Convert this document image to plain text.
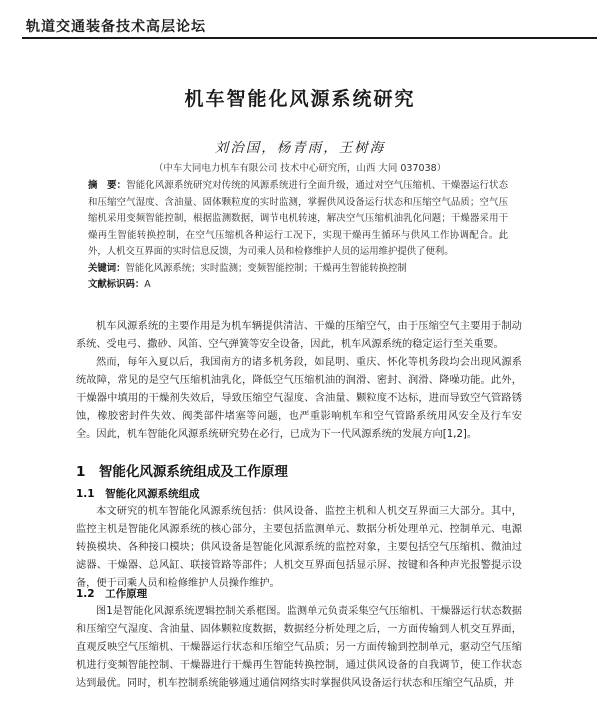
轨道交通装备技术高层论坛
机车智能化风源系统研究
刘治国，杨青雨，王树海
（中车大同电力机车有限公司 技术中心研究所，山西 大同 037038）

摘　要：智能化风源系统研究对传统的风源系统进行全面升级，通过对空气压缩机、干燥器运行状态和压缩空气湿度、含油量、固体颗粒度的实时监测，掌握供风设备运行状态和压缩空气品质；空气压缩机采用变频智能控制，根据监测数据，调节电机转速，解决空气压缩机油乳化问题；干燥器采用干燥再生智能转换控制，在空气压缩机各种运行工况下，实现干燥再生循环与供风工作协调配合。此外，人机交互界面的实时信息反馈，为司乘人员和检修维护人员的运用维护提供了便利。

关键词：智能化风源系统；实时监测；变频智能控制；干燥再生智能转换控制

文献标识码：A

机车风源系统的主要作用是为机车辆提供清洁、干燥的压缩空气，由于压缩空气主要用于制动系统、受电弓、撒砂、风笛、空气弹簧等安全设备，因此，机车风源系统的稳定运行至关重要。

然而，每年入夏以后，我国南方的诸多机务段，如昆明、重庆、怀化等机务段均会出现风源系统故障，常见的是空气压缩机油乳化，降低空气压缩机油的润滑、密封、润滑、降噪功能。此外，干燥器中填用的干燥剂失效后，导致压缩空气湿度、含油量、颗粒度不达标，进而导致空气管路锈蚀，橡胶密封件失效、阀类部件堵塞等问题，也严重影响机车和空气管路系统用风安全及行车安全。因此，机车智能化风源系统研究势在必行，已成为下一代风源系统的发展方向[1,2]。

1　智能化风源系统组成及工作原理
1.1　智能化风源系统组成

本文研究的机车智能化风源系统包括：供风设备、监控主机和人机交互界面三大部分。其中，监控主机是智能化风源系统的核心部分，主要包括监测单元、数据分析处理单元、控制单元、电源转换模块、各种接口模块；供风设备是智能化风源系统的监控对象，主要包括空气压缩机、微油过滤器、干燥器、总风缸、联接管路等部件；人机交互界面包括显示屏、按键和各种声光报警提示设备，便于司乘人员和检修维护人员操作维护。

1.2　工作原理

图1是智能化风源系统逻辑控制关系框图。监测单元负责采集空气压缩机、干燥器运行状态数据和压缩空气湿度、含油量、固体颗粒度数据，数据经分析处理之后，一方面传输到人机交互界面，直观反映空气压缩机、干燥器运行状态和压缩空气品质；另一方面传输到控制单元，驱动空气压缩机进行变频智能控制、干燥器进行干燥再生智能转换控制，通过供风设备的自我调节，使工作状态达到最优。同时，机车控制系统能够通过通信网络实时掌握供风设备运行状态和压缩空气品质，并
